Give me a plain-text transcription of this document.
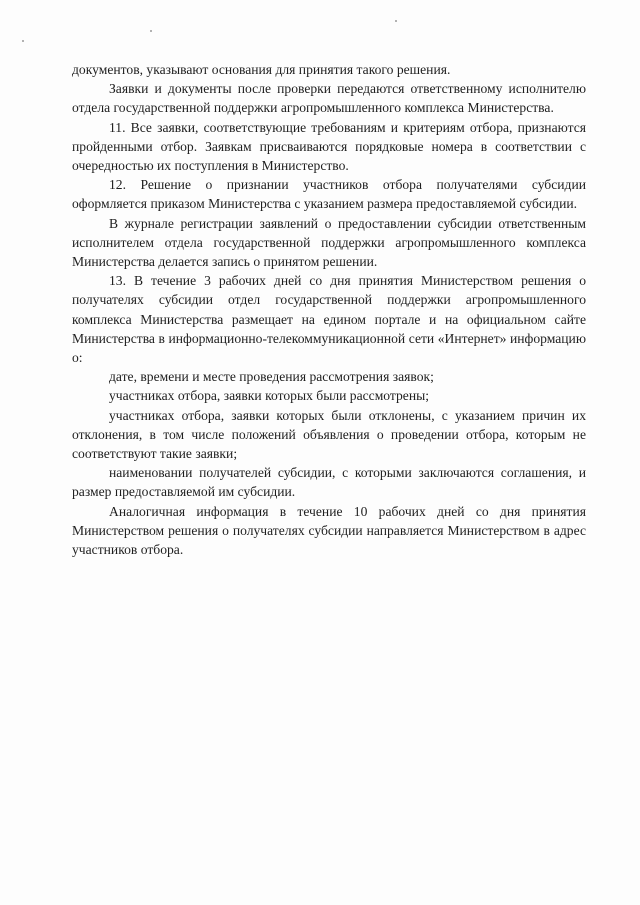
документов, указывают основания для принятия такого решения.

Заявки и документы после проверки передаются ответственному исполнителю отдела государственной поддержки агропромышленного комплекса Министерства.

11. Все заявки, соответствующие требованиям и критериям отбора, признаются пройденными отбор. Заявкам присваиваются порядковые номера в соответствии с очередностью их поступления в Министерство.

12. Решение о признании участников отбора получателями субсидии оформляется приказом Министерства с указанием размера предоставляемой субсидии.

В журнале регистрации заявлений о предоставлении субсидии ответственным исполнителем отдела государственной поддержки агропромышленного комплекса Министерства делается запись о принятом решении.

13. В течение 3 рабочих дней со дня принятия Министерством решения о получателях субсидии отдел государственной поддержки агропромышленного комплекса Министерства размещает на едином портале и на официальном сайте Министерства в информационно-телекоммуникационной сети «Интернет» информацию о:

дате, времени и месте проведения рассмотрения заявок;

участниках отбора, заявки которых были рассмотрены;

участниках отбора, заявки которых были отклонены, с указанием причин их отклонения, в том числе положений объявления о проведении отбора, которым не соответствуют такие заявки;

наименовании получателей субсидии, с которыми заключаются соглашения, и размер предоставляемой им субсидии.

Аналогичная информация в течение 10 рабочих дней со дня принятия Министерством решения о получателях субсидии направляется Министерством в адрес участников отбора.
